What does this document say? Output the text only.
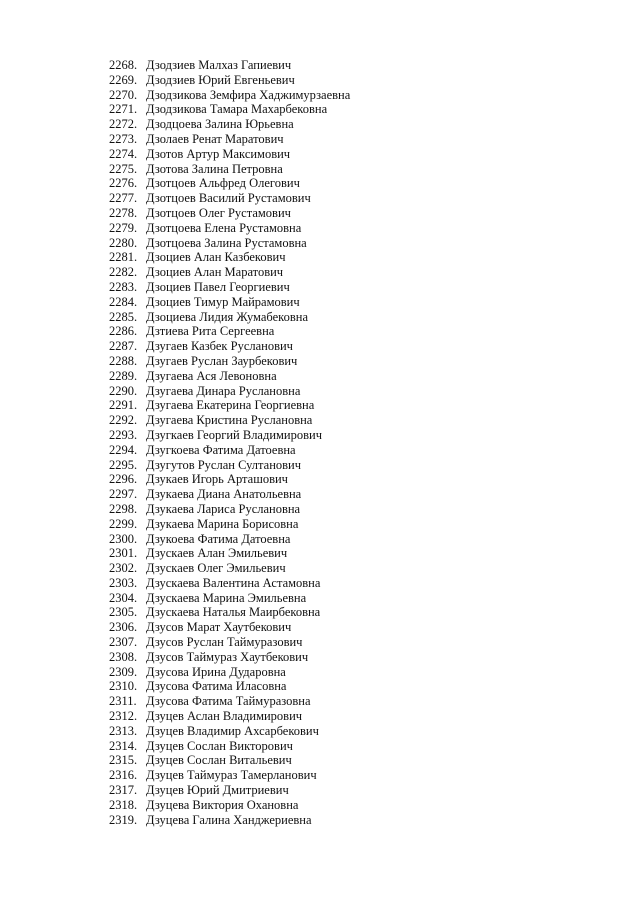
2268. Дзодзиев Малхаз Гапиевич
2269. Дзодзиев Юрий Евгеньевич
2270. Дзодзикова Земфира Хаджимурзаевна
2271. Дзодзикова Тамара Махарбековна
2272. Дзодцоева Залина Юрьевна
2273. Дзолаев Ренат Маратович
2274. Дзотов Артур Максимович
2275. Дзотова Залина Петровна
2276. Дзотцоев Альфред Олегович
2277. Дзотцоев Василий Рустамович
2278. Дзотцоев Олег Рустамович
2279. Дзотцоева Елена Рустамовна
2280. Дзотцоева Залина Рустамовна
2281. Дзоциев Алан Казбекович
2282. Дзоциев Алан Маратович
2283. Дзоциев Павел Георгиевич
2284. Дзоциев Тимур Майрамович
2285. Дзоциева Лидия Жумабековна
2286. Дзтиева Рита Сергеевна
2287. Дзугаев Казбек Русланович
2288. Дзугаев Руслан Заурбекович
2289. Дзугаева Ася Левоновна
2290. Дзугаева Динара Руслановна
2291. Дзугаева Екатерина Георгиевна
2292. Дзугаева Кристина Руслановна
2293. Дзугкаев Георгий Владимирович
2294. Дзугкоева Фатима Датоевна
2295. Дзугутов Руслан Султанович
2296. Дзукаев Игорь Арташович
2297. Дзукаева Диана Анатольевна
2298. Дзукаева Лариса Руслановна
2299. Дзукаева Марина Борисовна
2300. Дзукоева Фатима Датоевна
2301. Дзускаев Алан Эмильевич
2302. Дзускаев Олег Эмильевич
2303. Дзускаева Валентина Астамовна
2304. Дзускаева Марина Эмильевна
2305. Дзускаева Наталья Маирбековна
2306. Дзусов Марат Хаутбекович
2307. Дзусов Руслан Таймуразович
2308. Дзусов Таймураз Хаутбекович
2309. Дзусова Ирина Дударовна
2310. Дзусова Фатима Иласовна
2311. Дзусова Фатима Таймуразовна
2312. Дзуцев Аслан Владимирович
2313. Дзуцев Владимир Ахсарбекович
2314. Дзуцев Сослан Викторович
2315. Дзуцев Сослан Витальевич
2316. Дзуцев Таймураз Тамерланович
2317. Дзуцев Юрий Дмитриевич
2318. Дзуцева Виктория Охановна
2319. Дзуцева Галина Ханджериевна
